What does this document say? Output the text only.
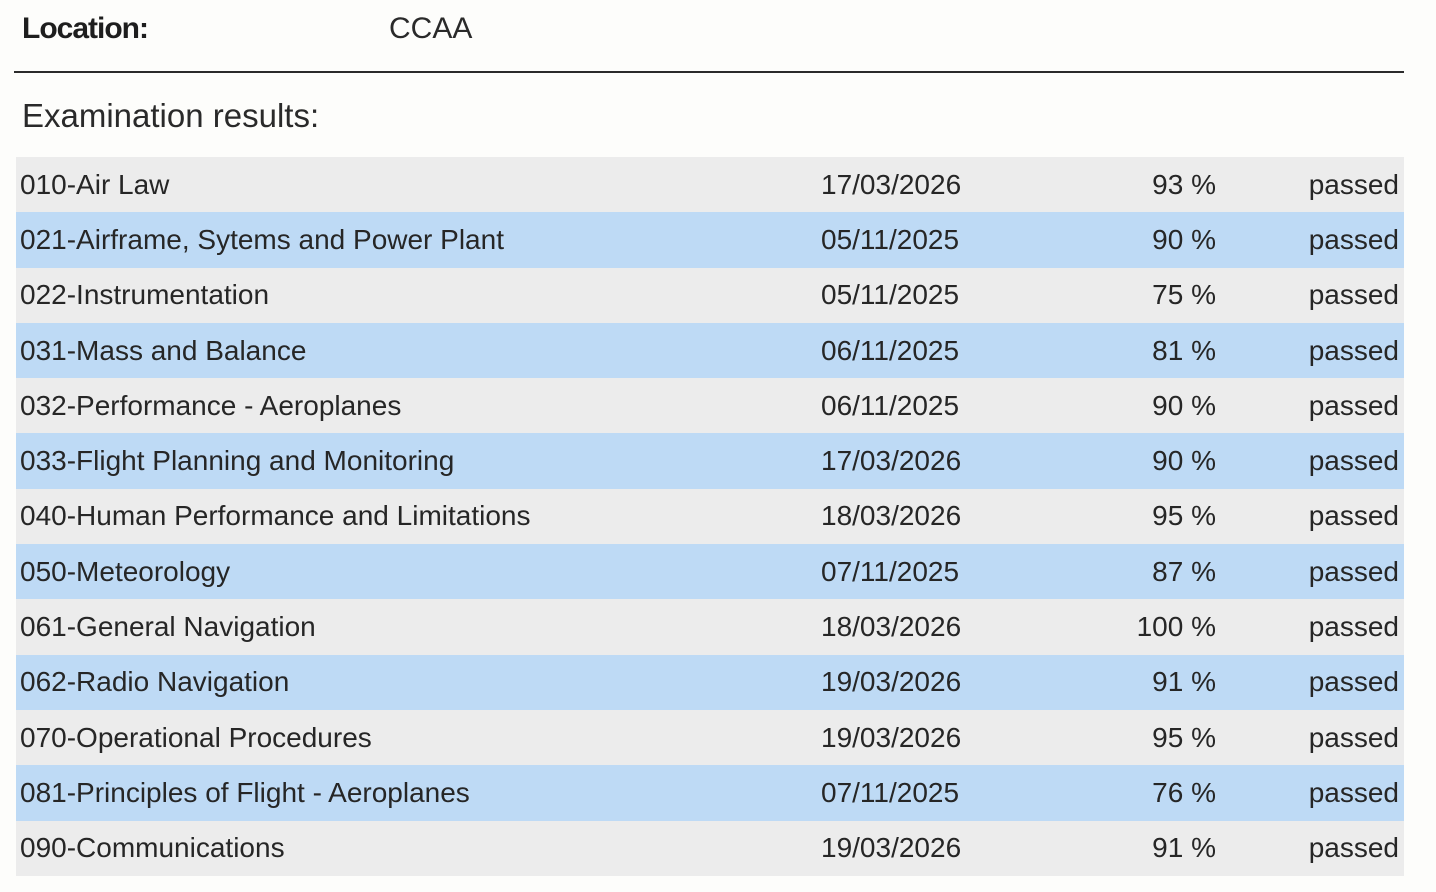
Location:	CCAA
Examination results:
010-Air Law	17/03/2026	93 %	passed
021-Airframe, Sytems and Power Plant	05/11/2025	90 %	passed
022-Instrumentation	05/11/2025	75 %	passed
031-Mass and Balance	06/11/2025	81 %	passed
032-Performance - Aeroplanes	06/11/2025	90 %	passed
033-Flight Planning and Monitoring	17/03/2026	90 %	passed
040-Human Performance and Limitations	18/03/2026	95 %	passed
050-Meteorology	07/11/2025	87 %	passed
061-General Navigation	18/03/2026	100 %	passed
062-Radio Navigation	19/03/2026	91 %	passed
070-Operational Procedures	19/03/2026	95 %	passed
081-Principles of Flight - Aeroplanes	07/11/2025	76 %	passed
090-Communications	19/03/2026	91 %	passed
